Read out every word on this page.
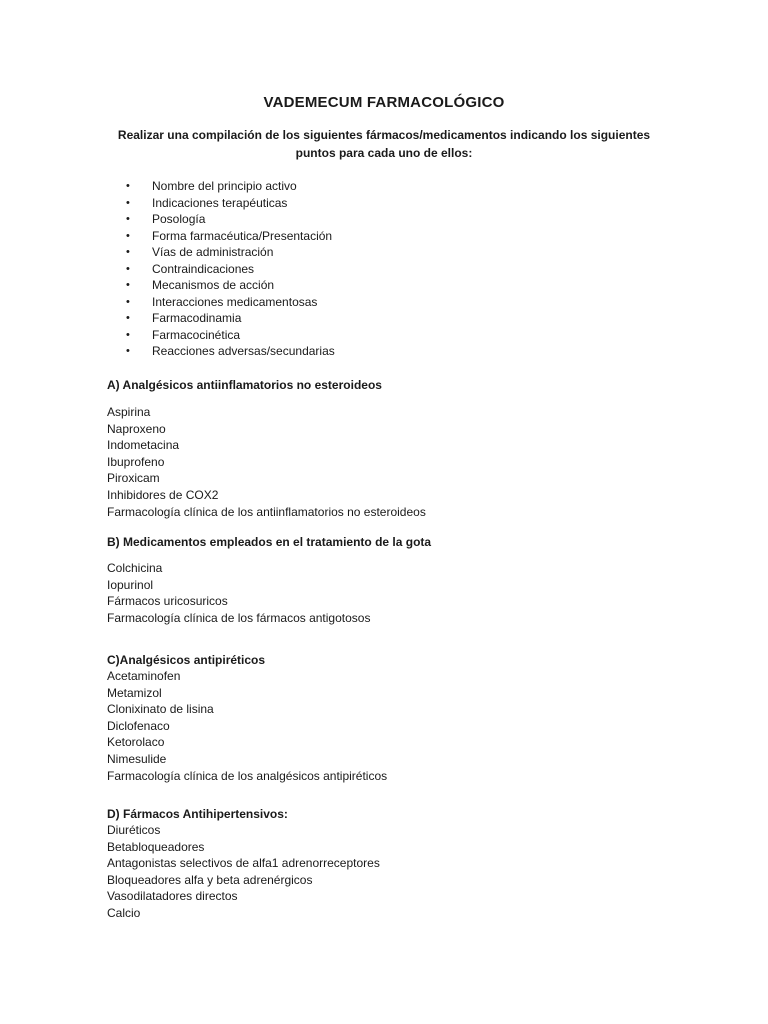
VADEMECUM FARMACOLÓGICO
Realizar una compilación de los siguientes fármacos/medicamentos indicando los siguientes puntos para cada uno de ellos:
•	Nombre del principio activo
•	Indicaciones terapéuticas
•	Posología
•	Forma farmacéutica/Presentación
•	Vías de administración
•	Contraindicaciones
•	Mecanismos de acción
•	Interacciones medicamentosas
•	Farmacodinamia
•	Farmacocinética
•	Reacciones adversas/secundarias
A) Analgésicos antiinflamatorios no esteroideos
Aspirina
Naproxeno
Indometacina
Ibuprofeno
Piroxicam
Inhibidores de COX2
Farmacología clínica de los antiinflamatorios no esteroideos
B) Medicamentos empleados en el tratamiento de la gota
Colchicina
Iopurinol
Fármacos uricosuricos
Farmacología clínica de los fármacos antigotosos
C)Analgésicos antipiréticos
Acetaminofen
Metamizol
Clonixinato de lisina
Diclofenaco
Ketorolaco
Nimesulide
Farmacología clínica de los analgésicos antipiréticos
D) Fármacos Antihipertensivos:
Diuréticos
Betabloqueadores
Antagonistas selectivos de alfa1 adrenorreceptores
Bloqueadores alfa y beta adrenérgicos
Vasodilatadores directos
Calcio
